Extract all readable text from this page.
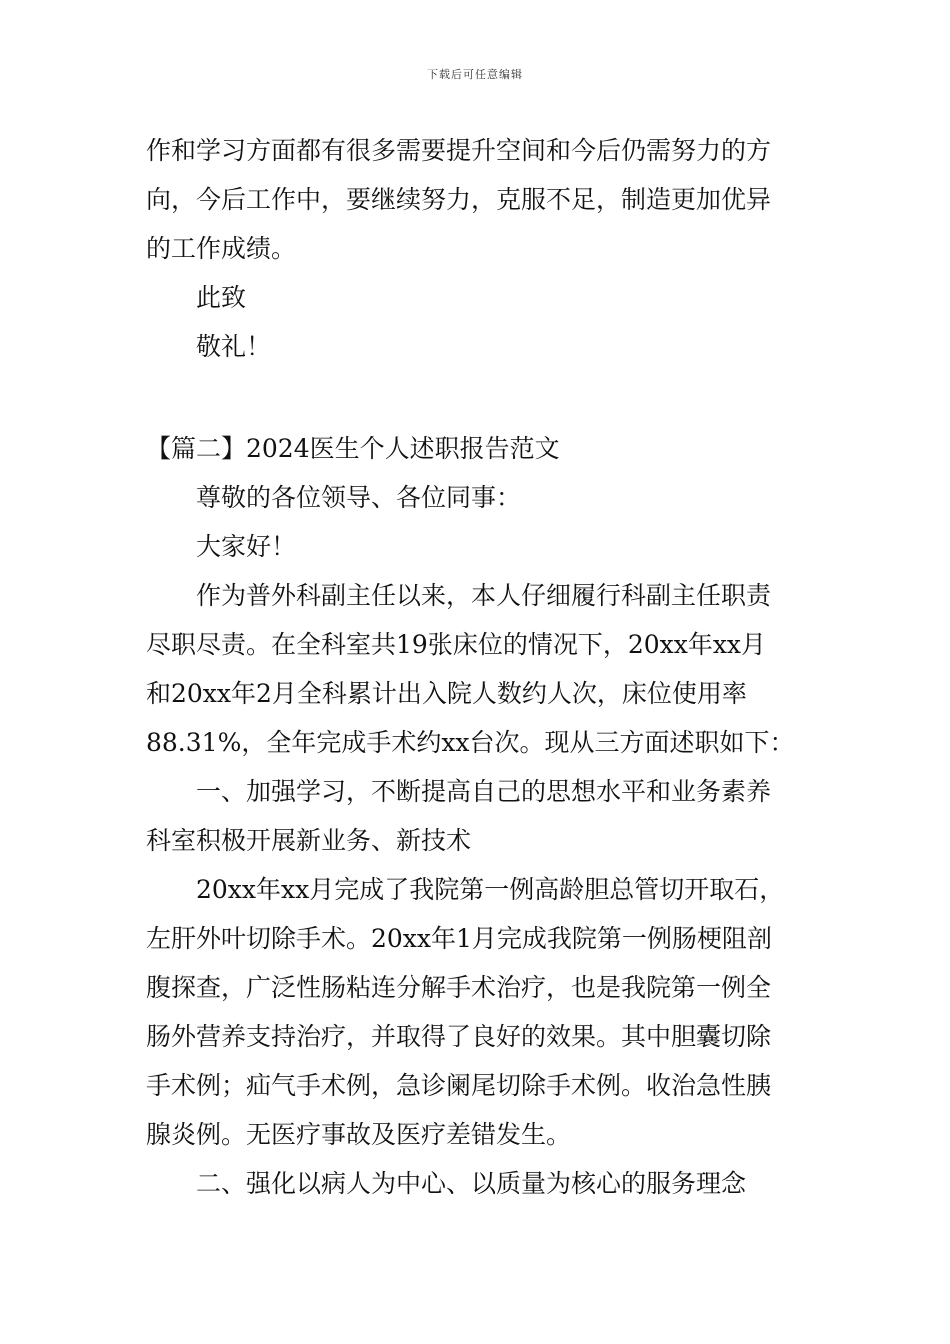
下载后可任意编辑
作和学习方面都有很多需要提升空间和今后仍需努力的方
向，今后工作中，要继续努力，克服不足，制造更加优异
的工作成绩。
此致
敬礼！
【篇二】2024医生个人述职报告范文
尊敬的各位领导、各位同事：
大家好！
作为普外科副主任以来，本人仔细履行科副主任职责
尽职尽责。在全科室共19张床位的情况下，20xx年xx月
和20xx年2月全科累计出入院人数约人次，床位使用率
88.31%，全年完成手术约xx台次。现从三方面述职如下：
一、加强学习，不断提高自己的思想水平和业务素养
科室积极开展新业务、新技术
20xx年xx月完成了我院第一例高龄胆总管切开取石，
左肝外叶切除手术。20xx年1月完成我院第一例肠梗阻剖
腹探查，广泛性肠粘连分解手术治疗，也是我院第一例全
肠外营养支持治疗，并取得了良好的效果。其中胆囊切除
手术例；疝气手术例，急诊阑尾切除手术例。收治急性胰
腺炎例。无医疗事故及医疗差错发生。
二、强化以病人为中心、以质量为核心的服务理念
